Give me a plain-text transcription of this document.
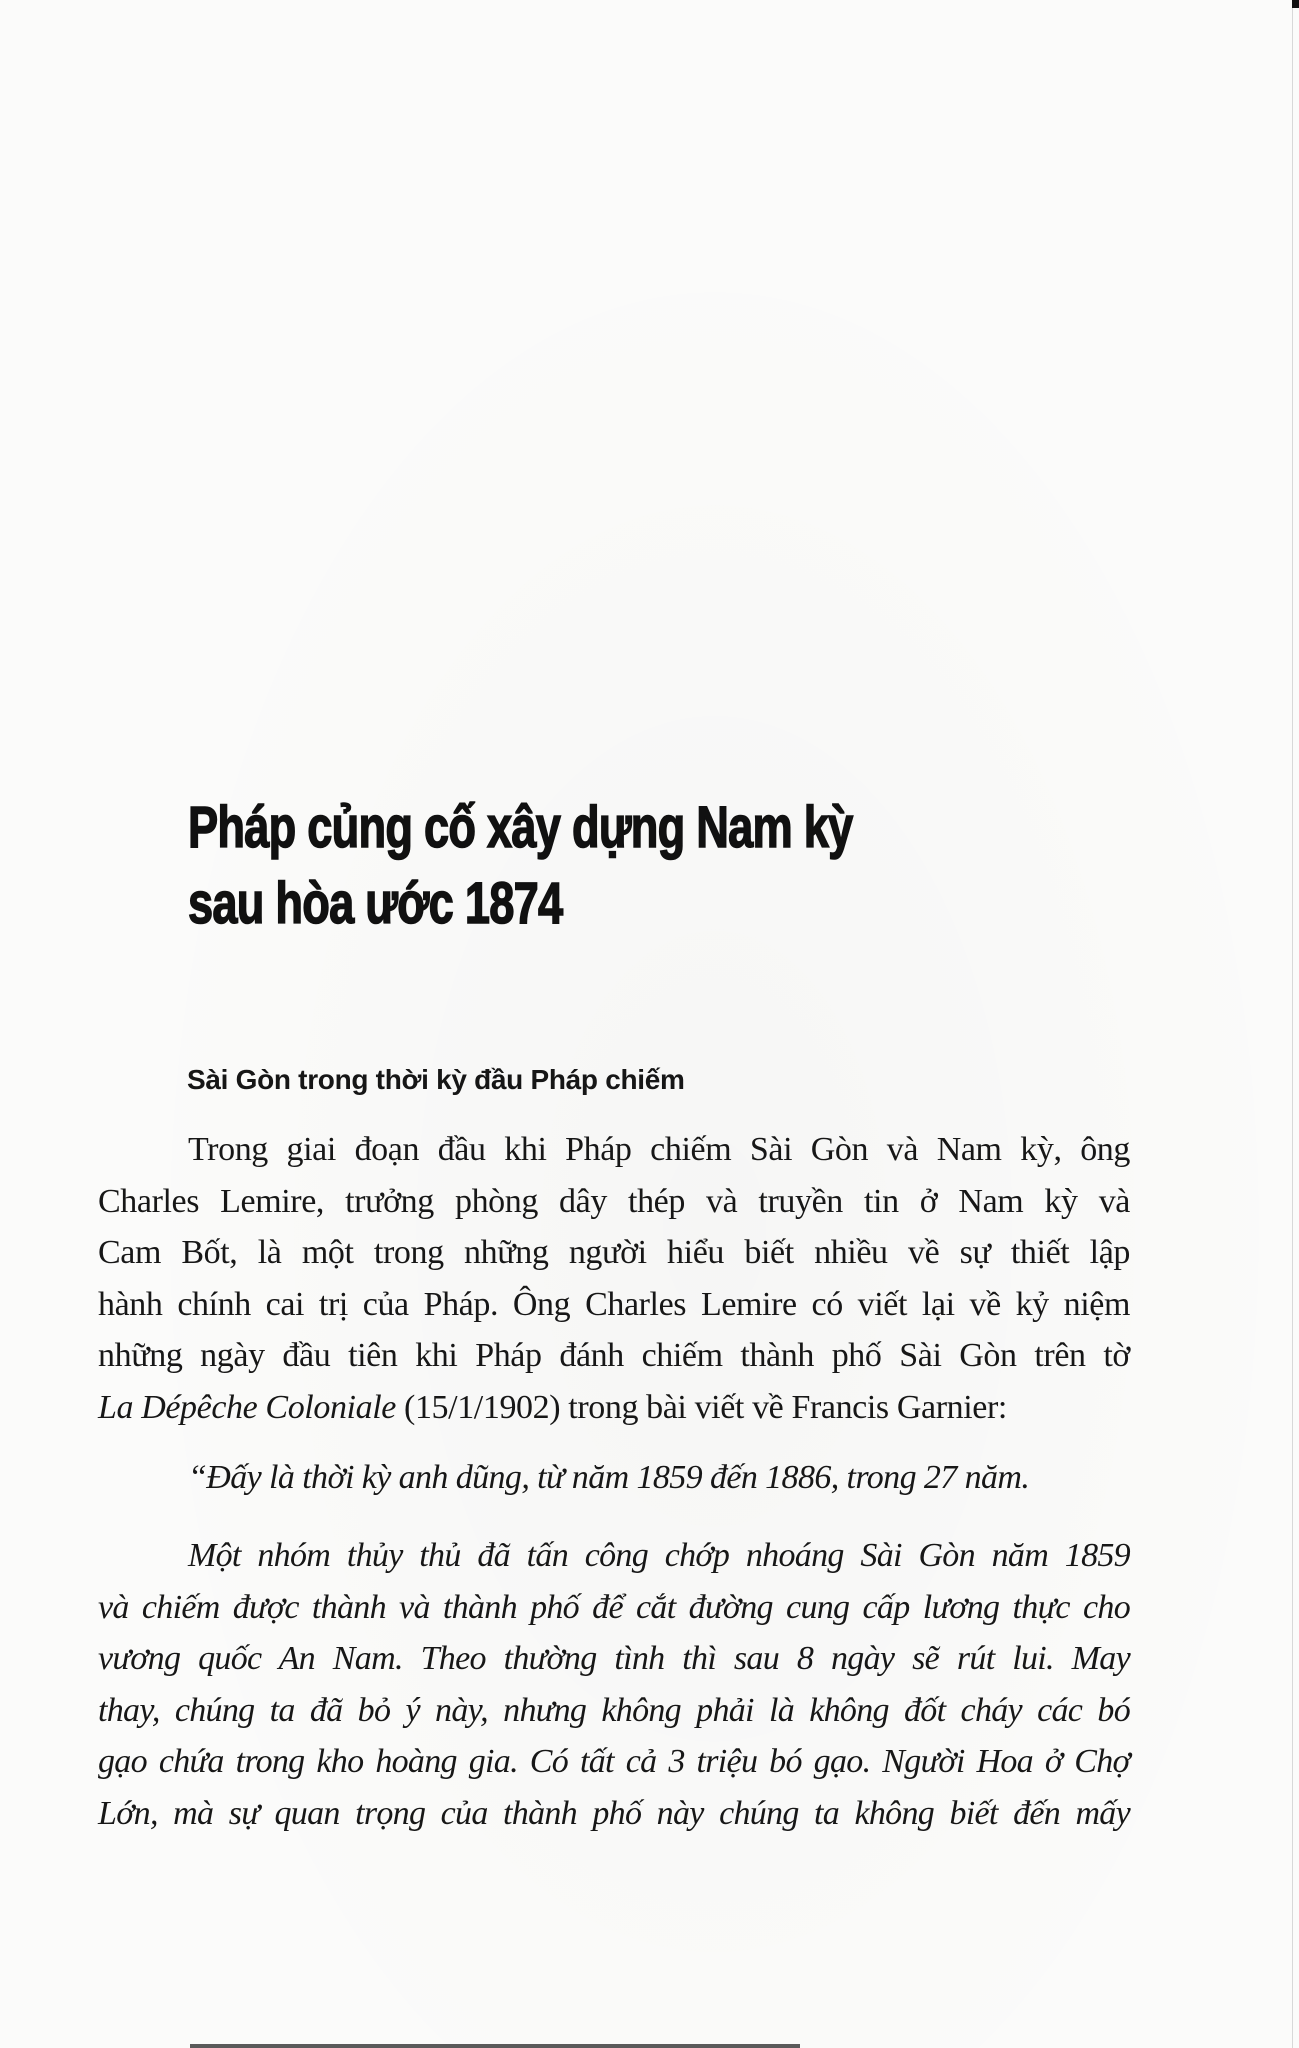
Pháp củng cố xây dựng Nam kỳ
sau hòa ước 1874
Sài Gòn trong thời kỳ đầu Pháp chiếm

Trong giai đoạn đầu khi Pháp chiếm Sài Gòn và Nam kỳ, ông
Charles Lemire, trưởng phòng dây thép và truyền tin ở Nam kỳ và
Cam Bốt, là một trong những người hiểu biết nhiều về sự thiết lập
hành chính cai trị của Pháp. Ông Charles Lemire có viết lại về kỷ niệm
những ngày đầu tiên khi Pháp đánh chiếm thành phố Sài Gòn trên tờ
La Dépêche Coloniale (15/1/1902) trong bài viết về Francis Garnier:

“Đấy là thời kỳ anh dũng, từ năm 1859 đến 1886, trong 27 năm.

Một nhóm thủy thủ đã tấn công chớp nhoáng Sài Gòn năm 1859
và chiếm được thành và thành phố để cắt đường cung cấp lương thực cho
vương quốc An Nam. Theo thường tình thì sau 8 ngày sẽ rút lui. May
thay, chúng ta đã bỏ ý này, nhưng không phải là không đốt cháy các bó
gạo chứa trong kho hoàng gia. Có tất cả 3 triệu bó gạo. Người Hoa ở Chợ
Lớn, mà sự quan trọng của thành phố này chúng ta không biết đến mấy
